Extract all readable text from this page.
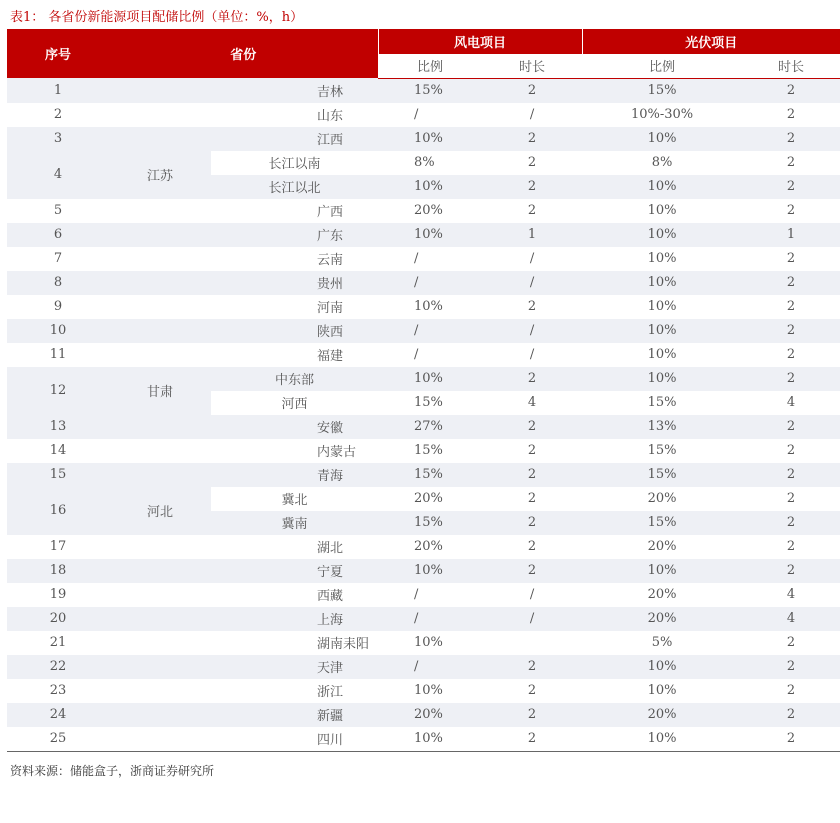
表1： 各省份新能源项目配储比例（单位：%，h）
序号	省份		风电项目		光伏项目	
			比例	时长	比例	时长
1	吉林		15%	2	15%	2
2	山东		/	/	10%-30%	2
3	江西		10%	2	10%	2
4	江苏	长江以南	8%	2	8%	2
		长江以北	10%	2	10%	2
5	广西		20%	2	10%	2
6	广东		10%	1	10%	1
7	云南		/	/	10%	2
8	贵州		/	/	10%	2
9	河南		10%	2	10%	2
10	陕西		/	/	10%	2
11	福建		/	/	10%	2
12	甘肃	中东部	10%	2	10%	2
		河西	15%	4	15%	4
13	安徽		27%	2	13%	2
14	内蒙古		15%	2	15%	2
15	青海		15%	2	15%	2
16	河北	冀北	20%	2	20%	2
		冀南	15%	2	15%	2
17	湖北		20%	2	20%	2
18	宁夏		10%	2	10%	2
19	西藏		/	/	20%	4
20	上海		/	/	20%	4
21	湖南耒阳		10%		5%	2
22	天津		/	2	10%	2
23	浙江		10%	2	10%	2
24	新疆		20%	2	20%	2
25	四川		10%	2	10%	2
资料来源：储能盒子，浙商证券研究所
